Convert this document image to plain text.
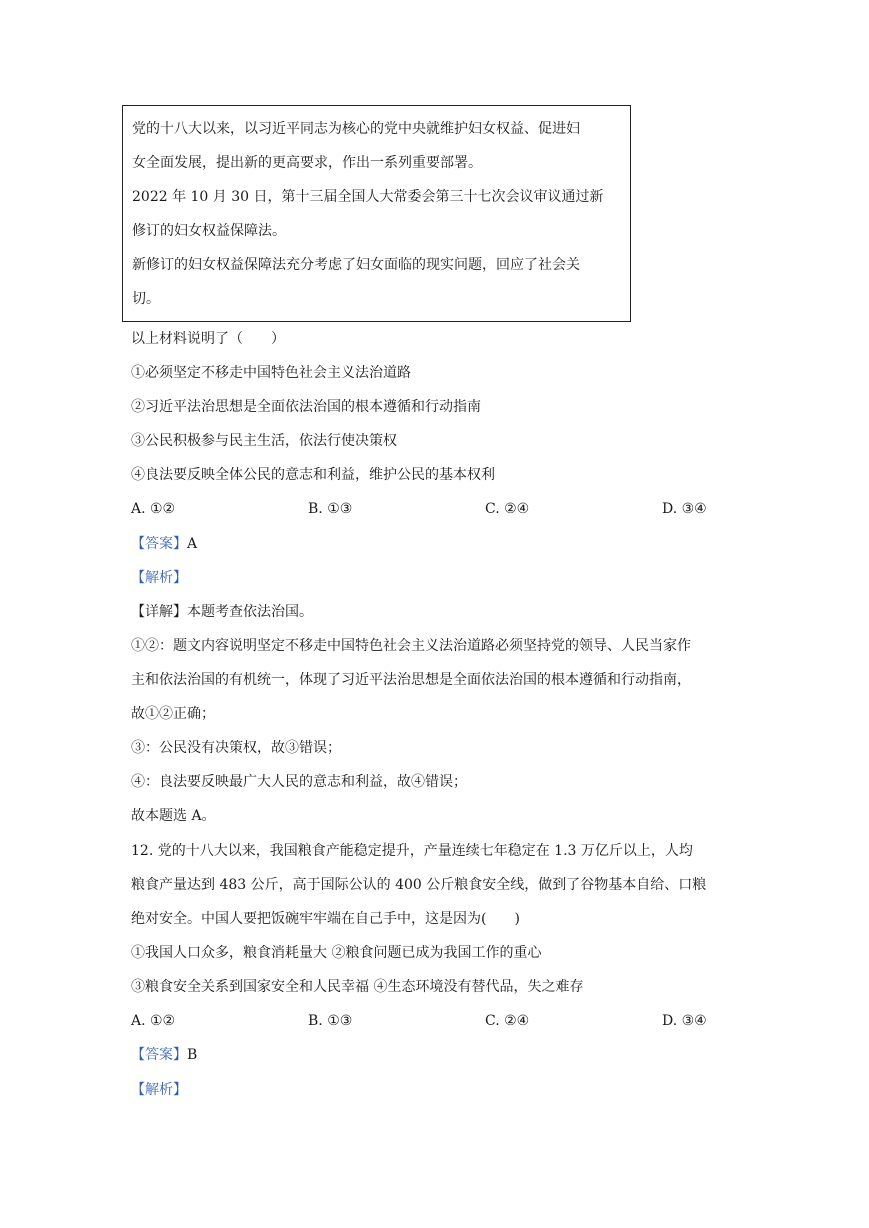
党的十八大以来，以习近平同志为核心的党中央就维护妇女权益、促进妇
女全面发展，提出新的更高要求，作出一系列重要部署。
2022 年 10 月 30 日，第十三届全国人大常委会第三十七次会议审议通过新
修订的妇女权益保障法。
新修订的妇女权益保障法充分考虑了妇女面临的现实问题，回应了社会关
切。
以上材料说明了（　　）
①必须坚定不移走中国特色社会主义法治道路
②习近平法治思想是全面依法治国的根本遵循和行动指南
③公民积极参与民主生活，依法行使决策权
④良法要反映全体公民的意志和利益，维护公民的基本权利
A. ①②	B. ①③	C. ②④	D. ③④
【答案】A
【解析】
【详解】本题考查依法治国。
①②：题文内容说明坚定不移走中国特色社会主义法治道路必须坚持党的领导、人民当家作
主和依法治国的有机统一，体现了习近平法治思想是全面依法治国的根本遵循和行动指南，
故①②正确；
③：公民没有决策权，故③错误；
④：良法要反映最广大人民的意志和利益，故④错误；
故本题选 A。
12. 党的十八大以来，我国粮食产能稳定提升，产量连续七年稳定在 1.3 万亿斤以上，人均
粮食产量达到 483 公斤，高于国际公认的 400 公斤粮食安全线，做到了谷物基本自给、口粮
绝对安全。中国人要把饭碗牢牢端在自己手中，这是因为(　　)
①我国人口众多，粮食消耗量大 ②粮食问题已成为我国工作的重心
③粮食安全关系到国家安全和人民幸福 ④生态环境没有替代品，失之难存
A. ①②	B. ①③	C. ②④	D. ③④
【答案】B
【解析】
